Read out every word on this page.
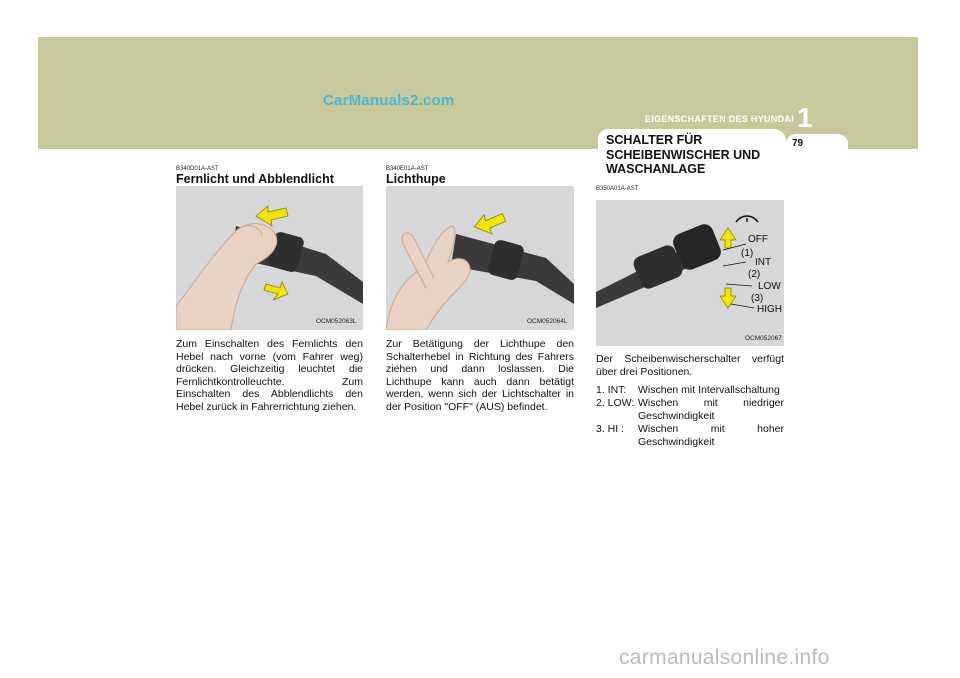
CarManuals2.com
EIGENSCHAFTEN DES HYUNDAI 1
79
SCHALTER FÜR SCHEIBENWISCHER UND WASCHANLAGE
B340D01A-AST
Fernlicht und Abblendlicht
OCM052063L
Zum Einschalten des Fernlichts den Hebel nach vorne (vom Fahrer weg) drücken. Gleichzeitig leuchtet die Fernlichtkontrolleuchte. Zum Einschalten des Abblendlichts den Hebel zurück in Fahrerrichtung ziehen.
B340E01A-AST
Lichthupe
OCM052064L
Zur Betätigung der Lichthupe den Schalterhebel in Richtung des Fahrers ziehen und dann loslassen. Die Lichthupe kann auch dann betätigt werden, wenn sich der Lichtschalter in der Position "OFF" (AUS) befindet.
B350A01A-AST
OFF
(1)
INT
(2)
LOW
(3)
HIGH
OCM052067
Der Scheibenwischerschalter verfügt über drei Positionen.
1. INT: Wischen mit Intervallschaltung
2. LOW: Wischen mit niedriger Geschwindigkeit
3. HI : Wischen mit hoher Geschwindigkeit
carmanualsonline.info
